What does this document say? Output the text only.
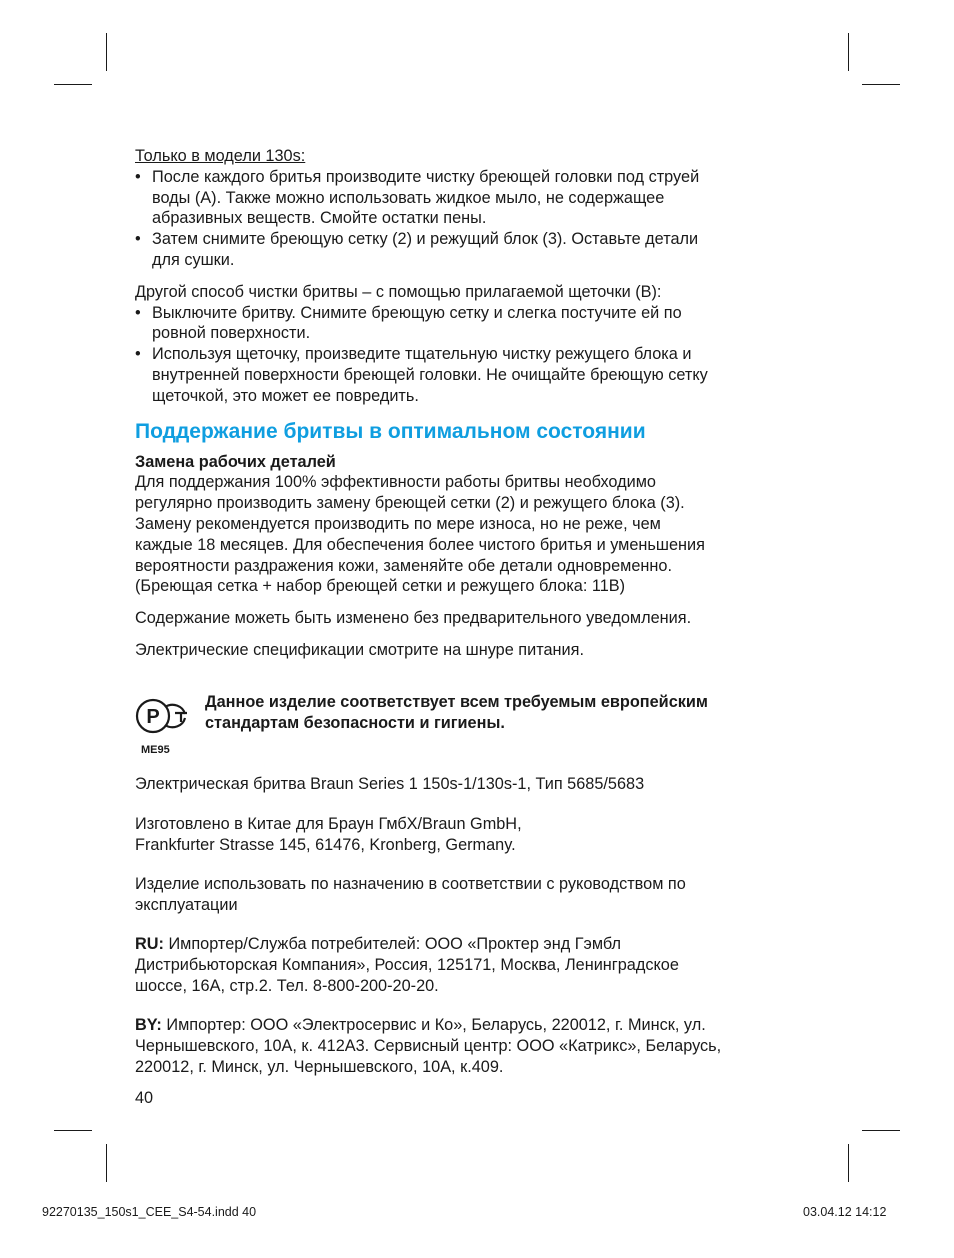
Только в модели 130s:
• После каждого бритья производите чистку бреющей головки под струей
воды (A). Также можно использовать жидкое мыло, не содержащее
абразивных веществ. Смойте остатки пены.
• Затем снимите бреющую сетку (2) и режущий блок (3). Оставьте детали
для сушки.
Другой способ чистки бритвы – с помощью прилагаемой щеточки (B):
• Выключите бритву. Снимите бреющую сетку и слегка постучите ей по
ровной поверхности.
• Используя щеточку, произведите тщательную чистку режущего блока и
внутренней поверхности бреющей головки. Не очищайте бреющую сетку
щеточкой, это может ее повредить.
Поддержание бритвы в оптимальном состоянии
Замена рабочих деталей
Для поддержания 100% эффективности работы бритвы необходимо
регулярно производить замену бреющей сетки (2) и режущего блока (3).
Замену рекомендуется производить по мере износа, но не реже, чем
каждые 18 месяцев. Для обеспечения более чистого бритья и уменьшения
вероятности раздражения кожи, заменяйте обе детали одновременно.
(Бреющая сетка + набор бреющей сетки и режущего блока: 11B)
Содержание можеть быть изменено без предварительного уведомления.
Электрические спецификации смотрите на шнуре питания.
P
ME95
Данное изделие соответствует всем требуемым европейским
стандартам безопасности и гигиены.
Электрическая бритва Braun Series 1 150s-1/130s-1, Тип 5685/5683
Изготовлено в Китае для Браун ГмбХ/Braun GmbH,
Frankfurter Strasse 145, 61476, Kronberg, Germany.
Изделие использовать по назначению в соответствии с руководством по
эксплуатации
RU: Импортер/Служба потребителей: ООО «Проктер энд Гэмбл
Дистрибьюторская Компания», Россия, 125171, Москва, Ленинградское
шоссе, 16А, стр.2. Тел. 8-800-200-20-20.
BY: Импортер: ООО «Электросервис и Ко», Беларусь, 220012, г. Минск, ул.
Чернышевского, 10А, к. 412А3. Сервисный центр: ООО «Катрикс», Беларусь,
220012, г. Минск, ул. Чернышевского, 10А, к.409.
40
92270135_150s1_CEE_S4-54.indd 40	03.04.12 14:12
